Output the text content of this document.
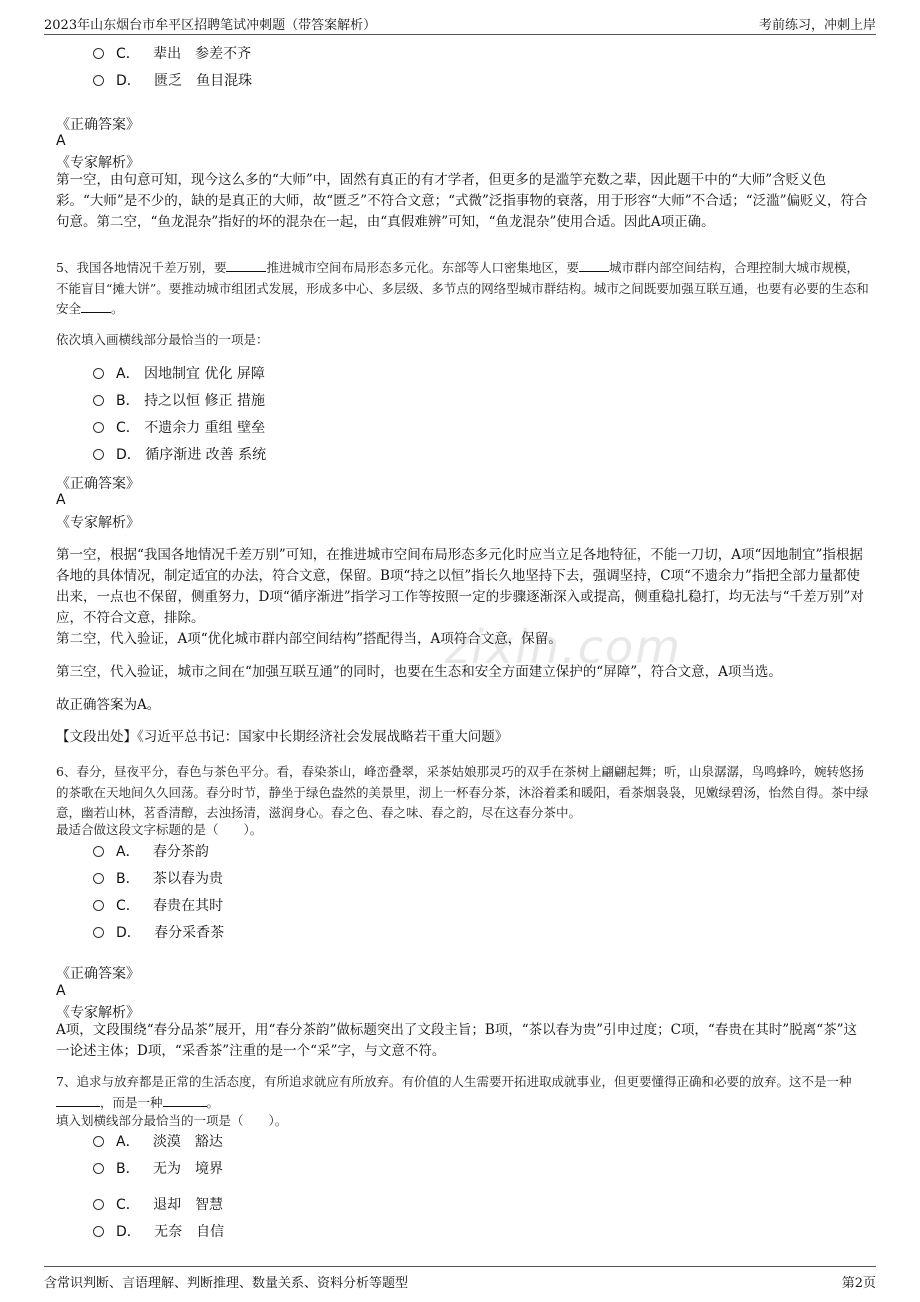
2023年山东烟台市牟平区招聘笔试冲刺题（带答案解析）	考前练习，冲刺上岸
zixin.com
C． 辈出　参差不齐
D． 匮乏　鱼目混珠
《正确答案》
A
《专家解析》
第一空，由句意可知，现今这么多的“大师”中，固然有真正的有才学者，但更多的是滥竽充数之辈，因此题干中的“大师”含贬义色彩。“大师”是不少的，缺的是真正的大师，故“匮乏”不符合文意；“式微”泛指事物的衰落，用于形容“大师”不合适；“泛滥”偏贬义，符合句意。第二空，“鱼龙混杂”指好的坏的混杂在一起，由“真假难辨”可知，“鱼龙混杂”使用合适。因此A项正确。
5、我国各地情况千差万别，要	推进城市空间布局形态多元化。东部等人口密集地区，要 城市群内部空间结构，合理控制大城市规模，不能盲目“摊大饼”。要推动城市组团式发展，形成多中心、多层级、多节点的网络型城市群结构。城市之间既要加强互联互通，也要有必要的生态和安全 。
依次填入画横线部分最恰当的一项是：
A． 因地制宜 优化 屏障
B． 持之以恒 修正 措施
C． 不遗余力 重组 壁垒
D． 循序渐进 改善 系统
《正确答案》
A
《专家解析》
第一空，根据“我国各地情况千差万别”可知，在推进城市空间布局形态多元化时应当立足各地特征，不能一刀切，A项“因地制宜”指根据各地的具体情况，制定适宜的办法，符合文意，保留。B项“持之以恒”指长久地坚持下去，强调坚持，C项“不遗余力”指把全部力量都使出来，一点也不保留，侧重努力，D项“循序渐进”指学习工作等按照一定的步骤逐渐深入或提高，侧重稳扎稳打，均无法与“千差万别”对应，不符合文意，排除。
第二空，代入验证，A项“优化城市群内部空间结构”搭配得当，A项符合文意，保留。
第三空，代入验证，城市之间在“加强互联互通”的同时，也要在生态和安全方面建立保护的“屏障”，符合文意，A项当选。
故正确答案为A。
【文段出处】《习近平总书记：国家中长期经济社会发展战略若干重大问题》
6、春分，昼夜平分，春色与茶色平分。看，春染茶山，峰峦叠翠，采茶姑娘那灵巧的双手在茶树上翩翩起舞；听，山泉潺潺，鸟鸣蜂吟，婉转悠扬的茶歌在天地间久久回荡。春分时节，静坐于绿色盎然的美景里，沏上一杯春分茶，沐浴着柔和暖阳，看茶烟袅袅，见嫩绿碧汤，怡然自得。茶中绿意，幽若山林，茗香清醇，去浊扬清，滋润身心。春之色、春之味、春之韵，尽在这春分茶中。
最适合做这段文字标题的是（　　）。
A． 春分茶韵
B． 茶以春为贵
C． 春贵在其时
D． 春分采香茶
《正确答案》
A
《专家解析》
A项，文段围绕“春分品茶”展开，用“春分茶韵”做标题突出了文段主旨；B项，“茶以春为贵”引申过度；C项，“春贵在其时”脱离“茶”这一论述主体；D项，“采香茶”注重的是一个“采”字，与文意不符。
7、追求与放弃都是正常的生活态度，有所追求就应有所放弃。有价值的人生需要开拓进取成就事业，但更要懂得正确和必要的放弃。这不是一种，而是一种	。
填入划横线部分最恰当的一项是（　　）。
A． 淡漠　豁达
B． 无为　境界
C． 退却　智慧
D． 无奈　自信
含常识判断、言语理解、判断推理、数量关系、资料分析等题型	第2页
